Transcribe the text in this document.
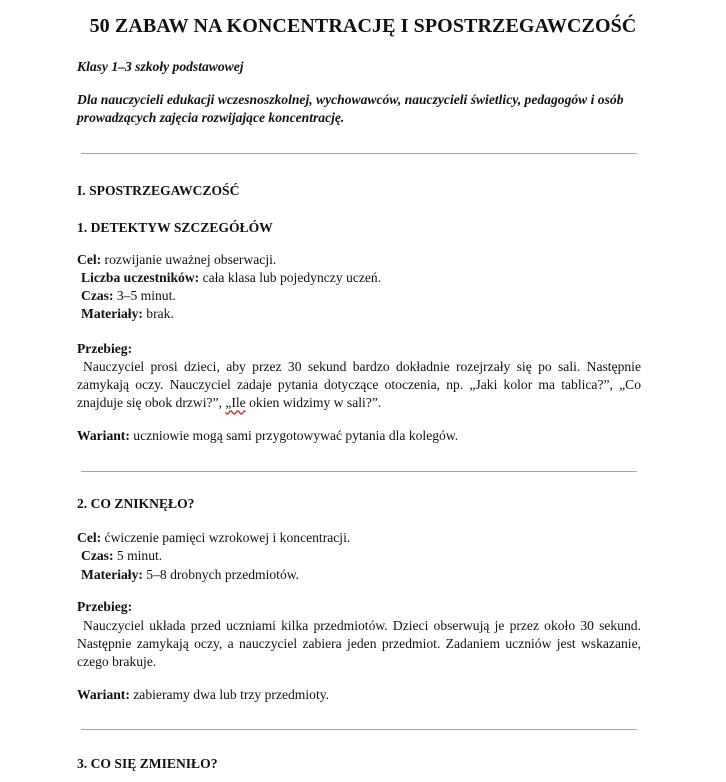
50 ZABAW NA KONCENTRACJĘ I SPOSTRZEGAWCZOŚĆ

Klasy 1–3 szkoły podstawowej

Dla nauczycieli edukacji wczesnoszkolnej, wychowawców, nauczycieli świetlicy, pedagogów i osób prowadzących zajęcia rozwijające koncentrację.

I. SPOSTRZEGAWCZOŚĆ

1. DETEKTYW SZCZEGÓŁÓW

Cel: rozwijanie uważnej obserwacji.

Liczba uczestników: cała klasa lub pojedynczy uczeń.

Czas: 3–5 minut.

Materiały: brak.

Przebieg:

Nauczyciel prosi dzieci, aby przez 30 sekund bardzo dokładnie rozejrzały się po sali. Następnie zamykają oczy. Nauczyciel zadaje pytania dotyczące otoczenia, np. „Jaki kolor ma tablica?”, „Co znajduje się obok drzwi?”, „Ile okien widzimy w sali?”.

Wariant: uczniowie mogą sami przygotowywać pytania dla kolegów.

2. CO ZNIKNĘŁO?

Cel: ćwiczenie pamięci wzrokowej i koncentracji.

Czas: 5 minut.

Materiały: 5–8 drobnych przedmiotów.

Przebieg:

Nauczyciel układa przed uczniami kilka przedmiotów. Dzieci obserwują je przez około 30 sekund. Następnie zamykają oczy, a nauczyciel zabiera jeden przedmiot. Zadaniem uczniów jest wskazanie, czego brakuje.

Wariant: zabieramy dwa lub trzy przedmioty.

3. CO SIĘ ZMIENIŁO?
